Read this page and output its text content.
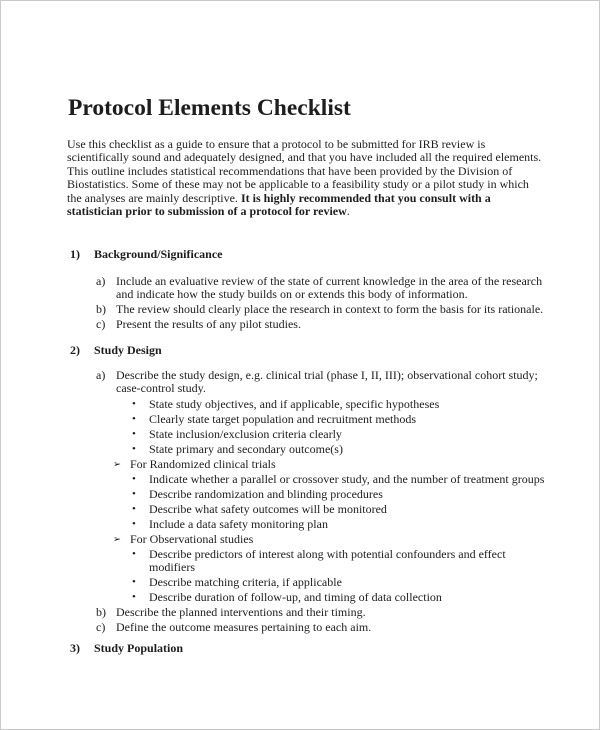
Protocol Elements Checklist

Use this checklist as a guide to ensure that a protocol to be submitted for IRB review is scientifically sound and adequately designed, and that you have included all the required elements. This outline includes statistical recommendations that have been provided by the Division of Biostatistics. Some of these may not be applicable to a feasibility study or a pilot study in which the analyses are mainly descriptive. It is highly recommended that you consult with a statistician prior to submission of a protocol for review.

1)	Background/Significance
a) Include an evaluative review of the state of current knowledge in the area of the research and indicate how the study builds on or extends this body of information.
b) The review should clearly place the research in context to form the basis for its rationale.
c) Present the results of any pilot studies.
2)	Study Design
a) Describe the study design, e.g. clinical trial (phase I, II, III); observational cohort study; case-control study.
•	State study objectives, and if applicable, specific hypotheses
•	Clearly state target population and recruitment methods
•	State inclusion/exclusion criteria clearly
•	State primary and secondary outcome(s)
➢ For Randomized clinical trials
•	Indicate whether a parallel or crossover study, and the number of treatment groups
•	Describe randomization and blinding procedures
•	Describe what safety outcomes will be monitored
•	Include a data safety monitoring plan
➢ For Observational studies
•	Describe predictors of interest along with potential confounders and effect modifiers
•	Describe matching criteria, if applicable
•	Describe duration of follow-up, and timing of data collection
b) Describe the planned interventions and their timing.
c) Define the outcome measures pertaining to each aim.
3)	Study Population
